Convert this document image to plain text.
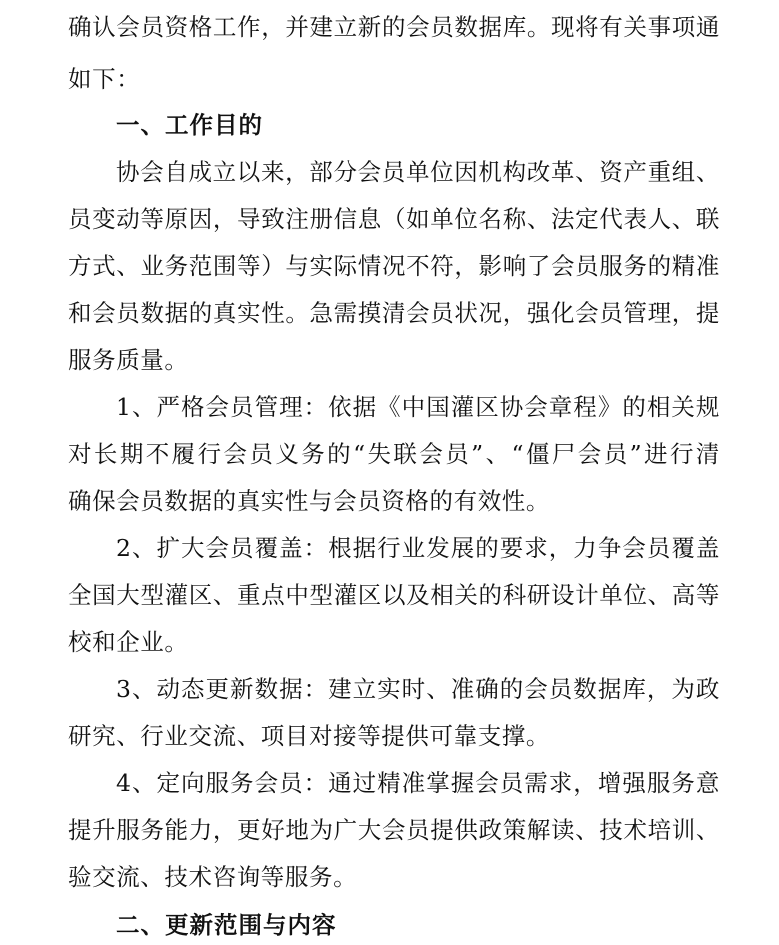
确认会员资格工作，并建立新的会员数据库。现将有关事项通
如下：
一、工作目的
协会自成立以来，部分会员单位因机构改革、资产重组、
员变动等原因，导致注册信息（如单位名称、法定代表人、联
方式、业务范围等）与实际情况不符，影响了会员服务的精准
和会员数据的真实性。急需摸清会员状况，强化会员管理，提
服务质量。
1、严格会员管理：依据《中国灌区协会章程》的相关规
对长期不履行会员义务的“失联会员”、“僵尸会员”进行清
确保会员数据的真实性与会员资格的有效性。
2、扩大会员覆盖：根据行业发展的要求，力争会员覆盖
全国大型灌区、重点中型灌区以及相关的科研设计单位、高等
校和企业。
3、动态更新数据：建立实时、准确的会员数据库，为政
研究、行业交流、项目对接等提供可靠支撑。
4、定向服务会员：通过精准掌握会员需求，增强服务意
提升服务能力，更好地为广大会员提供政策解读、技术培训、
验交流、技术咨询等服务。
二、更新范围与内容
